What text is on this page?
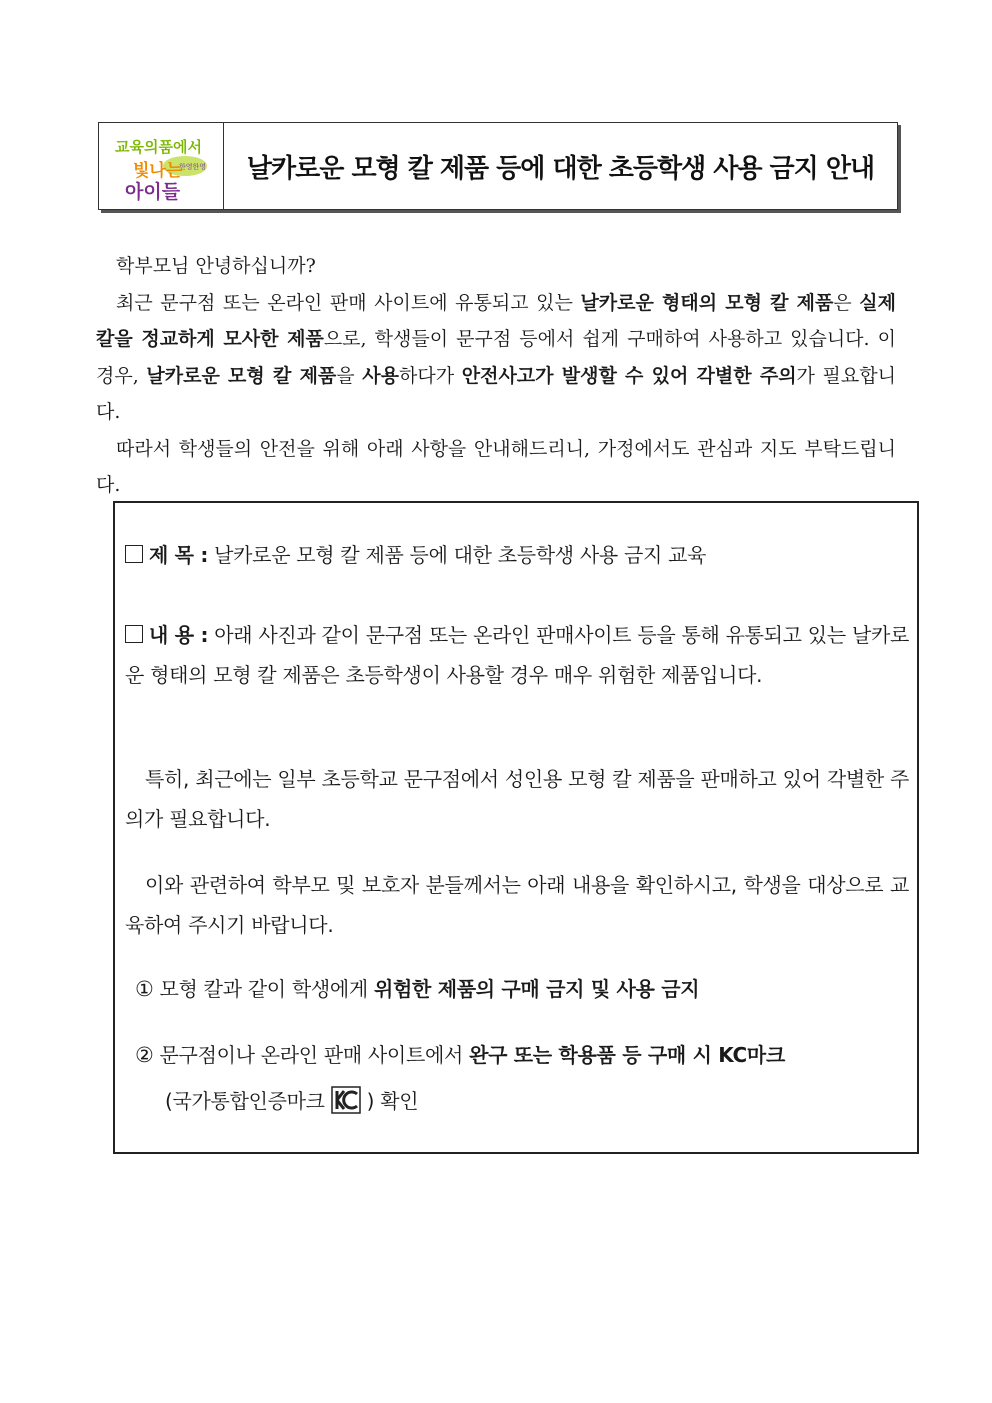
교육의품에서
한영한영
빛나는
아이들
날카로운 모형 칼 제품 등에 대한 초등학생 사용 금지 안내

학부모님 안녕하십니까?

최근 문구점 또는 온라인 판매 사이트에 유통되고 있는 날카로운 형태의 모형 칼 제품은 실제 칼을 정교하게 모사한 제품으로, 학생들이 문구점 등에서 쉽게 구매하여 사용하고 있습니다. 이 경우, 날카로운 모형 칼 제품을 사용하다가 안전사고가 발생할 수 있어 각별한 주의가 필요합니다.

따라서 학생들의 안전을 위해 아래 사항을 안내해드리니, 가정에서도 관심과 지도 부탁드립니다.

제 목 : 날카로운 모형 칼 제품 등에 대한 초등학생 사용 금지 교육
내 용 : 아래 사진과 같이 문구점 또는 온라인 판매사이트 등을 통해 유통되고 있는 날카로운 형태의 모형 칼 제품은 초등학생이 사용할 경우 매우 위험한 제품입니다.
특히, 최근에는 일부 초등학교 문구점에서 성인용 모형 칼 제품을 판매하고 있어 각별한 주의가 필요합니다.
이와 관련하여 학부모 및 보호자 분들께서는 아래 내용을 확인하시고, 학생을 대상으로 교육하여 주시기 바랍니다.
① 모형 칼과 같이 학생에게 위험한 제품의 구매 금지 및 사용 금지
② 문구점이나 온라인 판매 사이트에서 완구 또는 학용품 등 구매 시 KC마크
(국가통합인증마크 ) 확인
